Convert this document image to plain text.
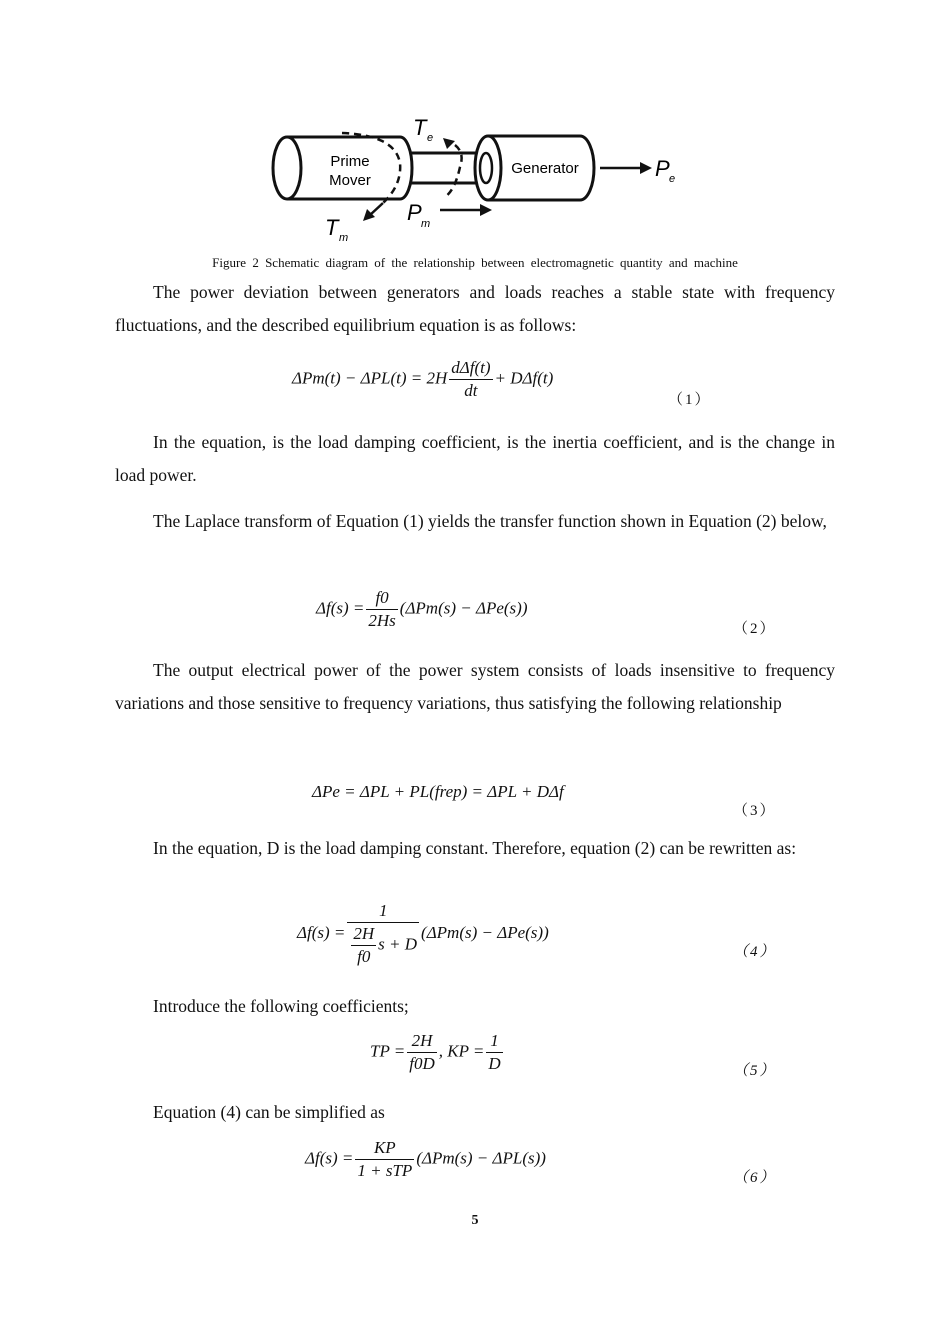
Prime
Mover
Generator	P e
T e
T m
P m
Figure 2 Schematic diagram of the relationship between electromagnetic quantity and machine

The power deviation between generators and loads reaches a stable state with frequency fluctuations, and the described equilibrium equation is as follows:

$\Delta Pm(t) - \Delta PL(t) = 2H \frac{\text{dΔf(t)}}{dt} + D\Delta f(t)$
（1）

In the equation, is the load damping coefficient, is the inertia coefficient, and is the change in load power.

The Laplace transform of Equation (1) yields the transfer function shown in Equation (2) below,

$\Delta f(s) = \frac{f0}{2Hs} (\Delta Pm(s) - \Delta Pe(s))$
（2）

The output electrical power of the power system consists of loads insensitive to frequency variations and those sensitive to frequency variations, thus satisfying the following relationship

ΔPe = ΔPL + PL(frep) = ΔPL + DΔf
（3）

In the equation, D is the load damping constant. Therefore, equation (2) can be rewritten as:

$\Delta f(s) = \frac{1}{\frac{2H}{f0} s + D} (\Delta Pm(s) - \Delta Pe(s))$
（4）

Introduce the following coefficients;

TP = $\frac{2H}{f0D}$ , KP = $\frac{1}{D}$	（5）

Equation (4) can be simplified as

$\Delta f(s) = \frac{KP}{\text{1 + sTP}} (\Delta Pm(s) - \Delta PL(s))$
（6）
5
